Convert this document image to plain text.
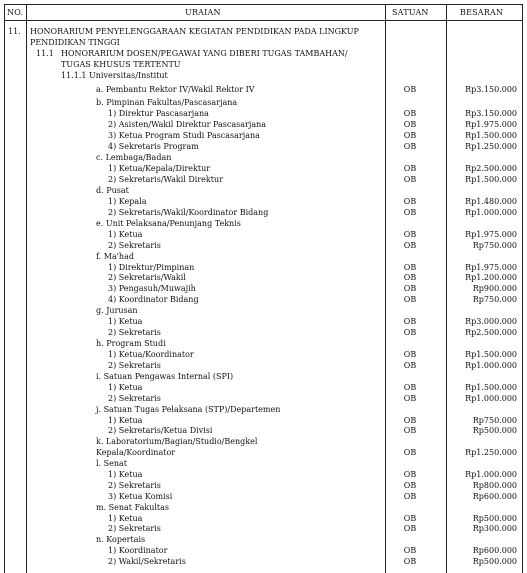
NO.	URAIAN	SATUAN	BESARAN
11. HONORARIUM PENYELENGGARAAN KEGIATAN PENDIDIKAN PADA LINGKUP
PENDIDIKAN TINGGI
11.1 HONORARIUM DOSEN/PEGAWAI YANG DIBERI TUGAS TAMBAHAN/
TUGAS KHUSUS TERTENTU
11.1.1 Universitas/Institut
a. Pembantu Rektor IV/Wakil Rektor IV	OB	Rp3.150.000
b. Pimpinan Fakultas/Pascasarjana
1) Direktur Pascasarjana	OB	Rp3.150.000
2) Asisten/Wakil Direktur Pascasarjana	OB	Rp1.975.000
3) Ketua Program Studi Pascasarjana	OB	Rp1.500.000
4) Sekretaris Program	OB	Rp1.250.000
c. Lembaga/Badan
1) Ketua/Kepala/Direktur	OB	Rp2.500.000
2) Sekretaris/Wakil Direktur	OB	Rp1.500.000
d. Pusat
1) Kepala	OB	Rp1.480.000
2) Sekretaris/Wakil/Koordinator Bidang	OB	Rp1.000.000
e. Unit Pelaksana/Penunjang Teknis
1) Ketua	OB	Rp1.975.000
2) Sekretaris	OB	Rp750.000
f. Ma'had
1) Direktur/Pimpinan	OB	Rp1.975.000
2) Sekretaris/Wakil	OB	Rp1.200.000
3) Pengasuh/Muwajih	OB	Rp900.000
4) Koordinator Bidang	OB	Rp750.000
g. Jurusan
1) Ketua	OB	Rp3.000.000
2) Sekretaris	OB	Rp2.500.000
h. Program Studi
1) Ketua/Koordinator	OB	Rp1.500.000
2) Sekretaris	OB	Rp1.000.000
i. Satuan Pengawas Internal (SPI)
1) Ketua	OB	Rp1.500.000
2) Sekretaris	OB	Rp1.000.000
j. Satuan Tugas Pelaksana (STP)/Departemen
1) Ketua	OB	Rp750.000
2) Sekretaris/Ketua Divisi	OB	Rp500.000
k. Laboratorium/Bagian/Studio/Bengkel
Kepala/Koordinator	OB	Rp1.250.000
l. Senat
1) Ketua	OB	Rp1.000.000
2) Sekretaris	OB	Rp800.000
3) Ketua Komisi	OB	Rp600.000
m. Senat Fakultas
1) Ketua	OB	Rp500.000
2) Sekretaris	OB	Rp300.000
n. Kopertais
1) Koordinator	OB	Rp600.000
2) Wakil/Sekretaris	OB	Rp500.000
